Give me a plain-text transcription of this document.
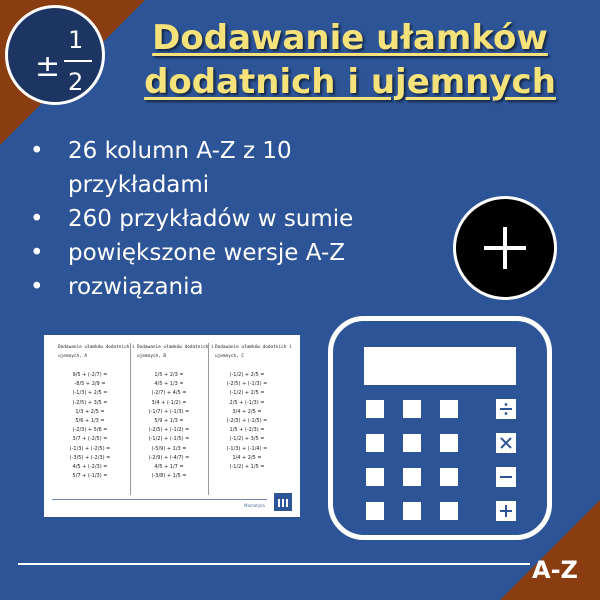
±
1
2
Dodawanie ułamków
dodatnich i ujemnych
• 26 kolumn A-Z z 10
przykładami
• 260 przykładów w sumie
• powiększone wersje A-Z
• rozwiązania
Dodawanie ułamków dodatnich i
ujemnych, A
9/5 + (-2/7) =
-8/5 + 2/9 =
(-1/3) + 2/5 =
(-2/5) + 3/5 =
1/3 + 2/5 =
5/6 + 1/3 =
(-2/3) + 5/6 =
3/7 + (-2/5) =
(-1/3) + (-2/5) =
(-3/5) + (-2/3) =
4/5 + (-2/3) =
5/7 + (-1/3) =
Dodawanie ułamków dodatnich i
ujemnych, B
1/5 + 2/3 =
4/5 + 1/3 =
(-2/7) + 4/5 =
3/4 + (-1/2) =
(-1/7) + (-1/3) =
5/9 + 1/3 =
(-2/5) + (-1/2) =
(-1/2) + (-1/5) =
(-5/9) + 1/3 =
(-2/9) + (-4/7) =
4/5 + 1/7 =
(-3/8) + 1/5 =
Dodawanie ułamków dodatnich i
ujemnych, C
(-1/2) + 2/5 =
(-2/5) + (-1/3) =
(-1/2) + 2/5 =
2/5 + (-1/3) =
3/4 + 2/5 =
(-2/3) + (-1/5) =
1/5 + (-2/3) =
(-1/2) + 3/5 =
(-1/3) + (-1/4) =
1/4 + 2/5 =
(-1/2) + 1/5 =
Mamatyka
A-Z
